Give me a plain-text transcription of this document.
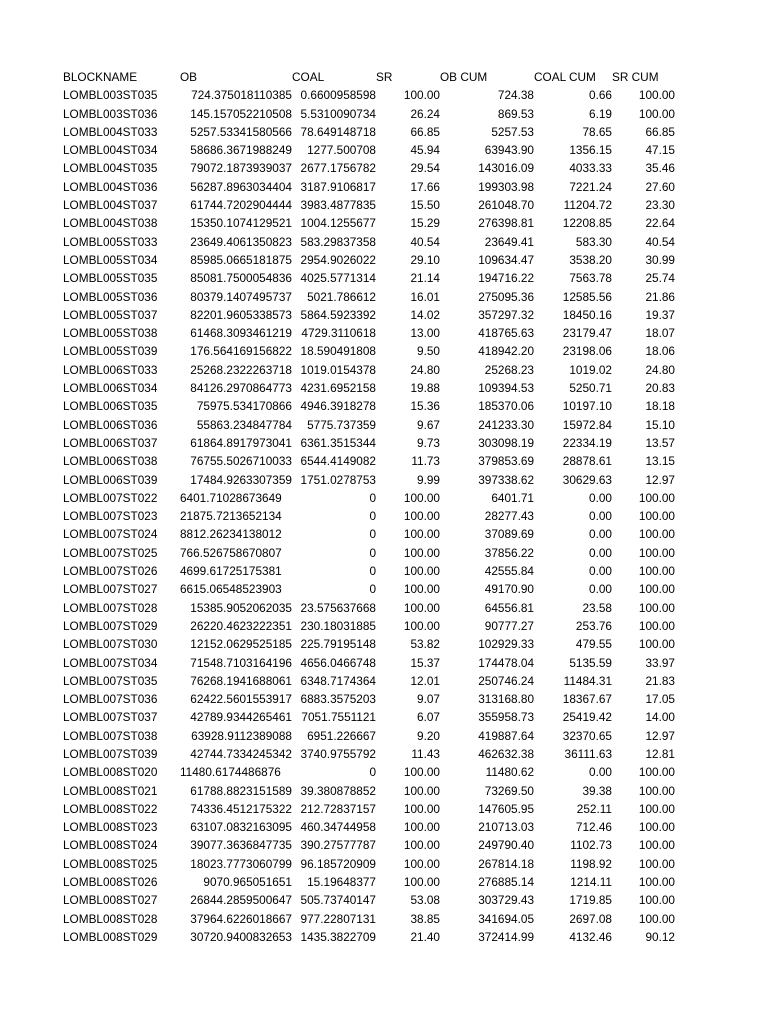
BLOCKNAME	OB	COAL	SR	OB CUM	COAL CUM	SR CUM
LOMBL003ST035	724.375018110385	0.6600958598	100.00	724.38	0.66	100.00
LOMBL003ST036	145.157052210508	5.5310090734	26.24	869.53	6.19	100.00
LOMBL004ST033	5257.53341580566	78.649148718	66.85	5257.53	78.65	66.85
LOMBL004ST034	58686.3671988249	1277.500708	45.94	63943.90	1356.15	47.15
LOMBL004ST035	79072.1873939037	2677.1756782	29.54	143016.09	4033.33	35.46
LOMBL004ST036	56287.8963034404	3187.9106817	17.66	199303.98	7221.24	27.60
LOMBL004ST037	61744.7202904444	3983.4877835	15.50	261048.70	11204.72	23.30
LOMBL004ST038	15350.1074129521	1004.1255677	15.29	276398.81	12208.85	22.64
LOMBL005ST033	23649.4061350823	583.29837358	40.54	23649.41	583.30	40.54
LOMBL005ST034	85985.0665181875	2954.9026022	29.10	109634.47	3538.20	30.99
LOMBL005ST035	85081.7500054836	4025.5771314	21.14	194716.22	7563.78	25.74
LOMBL005ST036	80379.1407495737	5021.786612	16.01	275095.36	12585.56	21.86
LOMBL005ST037	82201.9605338573	5864.5923392	14.02	357297.32	18450.16	19.37
LOMBL005ST038	61468.3093461219	4729.3110618	13.00	418765.63	23179.47	18.07
LOMBL005ST039	176.564169156822	18.590491808	9.50	418942.20	23198.06	18.06
LOMBL006ST033	25268.2322263718	1019.0154378	24.80	25268.23	1019.02	24.80
LOMBL006ST034	84126.2970864773	4231.6952158	19.88	109394.53	5250.71	20.83
LOMBL006ST035	75975.534170866	4946.3918278	15.36	185370.06	10197.10	18.18
LOMBL006ST036	55863.234847784	5775.737359	9.67	241233.30	15972.84	15.10
LOMBL006ST037	61864.8917973041	6361.3515344	9.73	303098.19	22334.19	13.57
LOMBL006ST038	76755.5026710033	6544.4149082	11.73	379853.69	28878.61	13.15
LOMBL006ST039	17484.9263307359	1751.0278753	9.99	397338.62	30629.63	12.97
LOMBL007ST022	6401.71028673649	0	100.00	6401.71	0.00	100.00
LOMBL007ST023	21875.7213652134	0	100.00	28277.43	0.00	100.00
LOMBL007ST024	8812.26234138012	0	100.00	37089.69	0.00	100.00
LOMBL007ST025	766.526758670807	0	100.00	37856.22	0.00	100.00
LOMBL007ST026	4699.61725175381	0	100.00	42555.84	0.00	100.00
LOMBL007ST027	6615.06548523903	0	100.00	49170.90	0.00	100.00
LOMBL007ST028	15385.9052062035	23.575637668	100.00	64556.81	23.58	100.00
LOMBL007ST029	26220.4623222351	230.18031885	100.00	90777.27	253.76	100.00
LOMBL007ST030	12152.0629525185	225.79195148	53.82	102929.33	479.55	100.00
LOMBL007ST034	71548.7103164196	4656.0466748	15.37	174478.04	5135.59	33.97
LOMBL007ST035	76268.1941688061	6348.7174364	12.01	250746.24	11484.31	21.83
LOMBL007ST036	62422.5601553917	6883.3575203	9.07	313168.80	18367.67	17.05
LOMBL007ST037	42789.9344265461	7051.7551121	6.07	355958.73	25419.42	14.00
LOMBL007ST038	63928.9112389088	6951.226667	9.20	419887.64	32370.65	12.97
LOMBL007ST039	42744.7334245342	3740.9755792	11.43	462632.38	36111.63	12.81
LOMBL008ST020	11480.6174486876	0	100.00	11480.62	0.00	100.00
LOMBL008ST021	61788.8823151589	39.380878852	100.00	73269.50	39.38	100.00
LOMBL008ST022	74336.4512175322	212.72837157	100.00	147605.95	252.11	100.00
LOMBL008ST023	63107.0832163095	460.34744958	100.00	210713.03	712.46	100.00
LOMBL008ST024	39077.3636847735	390.27577787	100.00	249790.40	1102.73	100.00
LOMBL008ST025	18023.7773060799	96.185720909	100.00	267814.18	1198.92	100.00
LOMBL008ST026	9070.965051651	15.19648377	100.00	276885.14	1214.11	100.00
LOMBL008ST027	26844.2859500647	505.73740147	53.08	303729.43	1719.85	100.00
LOMBL008ST028	37964.6226018667	977.22807131	38.85	341694.05	2697.08	100.00
LOMBL008ST029	30720.9400832653	1435.3822709	21.40	372414.99	4132.46	90.12
